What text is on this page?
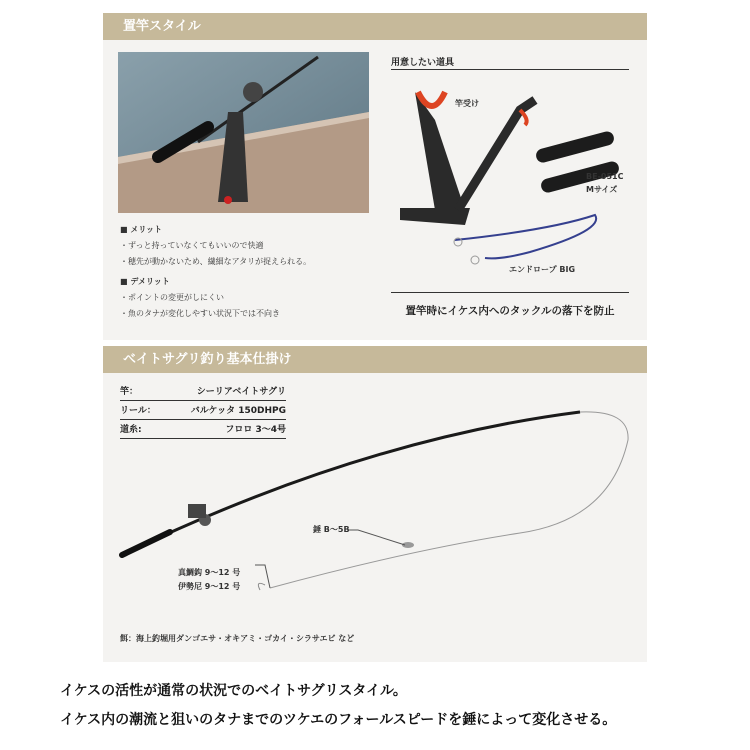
置竿スタイル
■ メリット
・ずっと持っていなくてもいいので快適
・穂先が動かないため、繊細なアタリが捉えられる。
■ デメリット
・ポイントの変更がしにくい
・魚のタナが変化しやすい状況下では不向き
用意したい道具
竿受け
BE-051C
Mサイズ
エンドロープ BIG
置竿時にイケス内へのタックルの落下を防止
ベイトサグリ釣り基本仕掛け
竿：	シーリアベイトサグリ
リール：	バルケッタ 150DHPG
道糸:	フロロ 3～4号
錘 B～5B
真鯛鈎 9～12 号
伊勢尼 9～12 号
餌：海上釣堀用ダンゴエサ・オキアミ・ゴカイ・シラサエビ など
イケスの活性が通常の状況でのベイトサグリスタイル。
イケス内の潮流と狙いのタナまでのツケエのフォールスピードを錘によって変化させる。
